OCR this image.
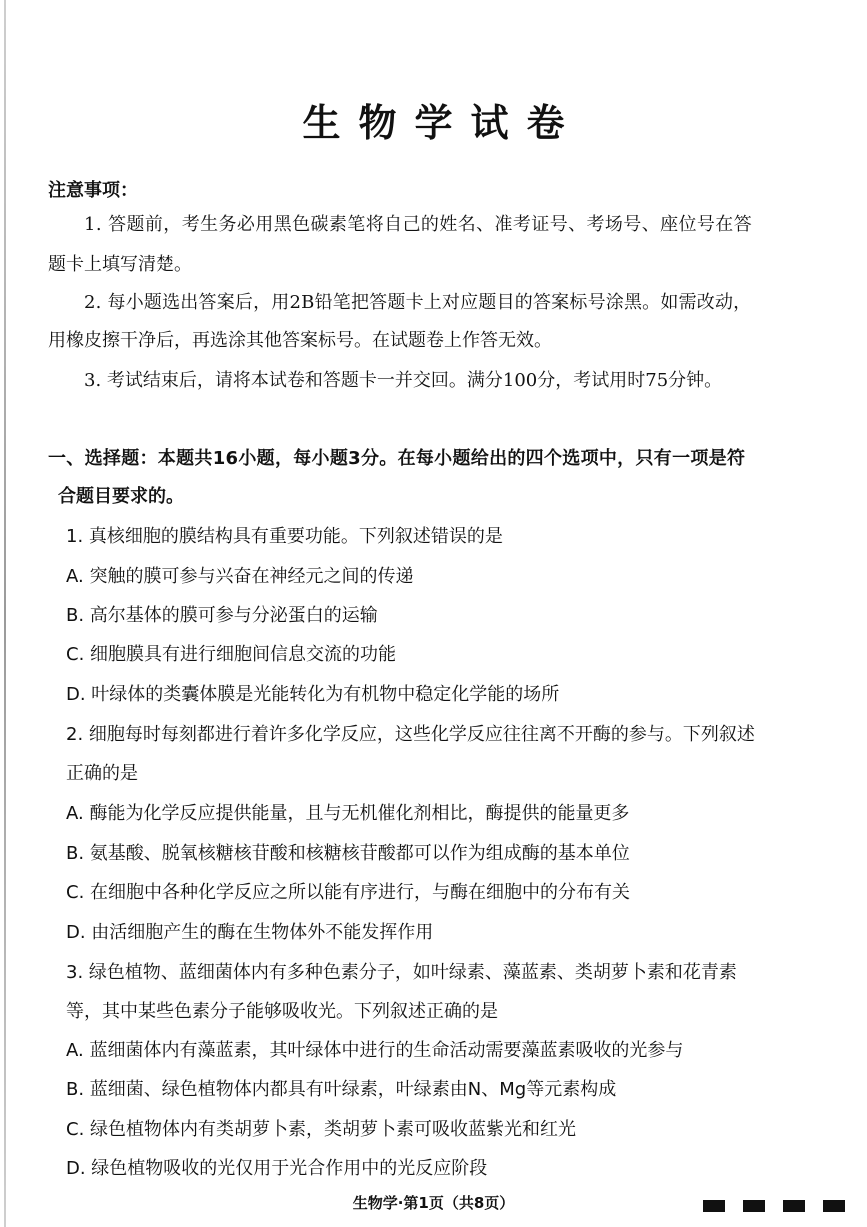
生物学试卷
注意事项：
1. 答题前，考生务必用黑色碳素笔将自己的姓名、准考证号、考场号、座位号在答
题卡上填写清楚。
2. 每小题选出答案后，用2B铅笔把答题卡上对应题目的答案标号涂黑。如需改动，
用橡皮擦干净后，再选涂其他答案标号。在试题卷上作答无效。
3. 考试结束后，请将本试卷和答题卡一并交回。满分100分，考试用时75分钟。
一、选择题：本题共16小题，每小题3分。在每小题给出的四个选项中，只有一项是符
合题目要求的。
1. 真核细胞的膜结构具有重要功能。下列叙述错误的是
A. 突触的膜可参与兴奋在神经元之间的传递
B. 高尔基体的膜可参与分泌蛋白的运输
C. 细胞膜具有进行细胞间信息交流的功能
D. 叶绿体的类囊体膜是光能转化为有机物中稳定化学能的场所
2. 细胞每时每刻都进行着许多化学反应，这些化学反应往往离不开酶的参与。下列叙述
正确的是
A. 酶能为化学反应提供能量，且与无机催化剂相比，酶提供的能量更多
B. 氨基酸、脱氧核糖核苷酸和核糖核苷酸都可以作为组成酶的基本单位
C. 在细胞中各种化学反应之所以能有序进行，与酶在细胞中的分布有关
D. 由活细胞产生的酶在生物体外不能发挥作用
3. 绿色植物、蓝细菌体内有多种色素分子，如叶绿素、藻蓝素、类胡萝卜素和花青素
等，其中某些色素分子能够吸收光。下列叙述正确的是
A. 蓝细菌体内有藻蓝素，其叶绿体中进行的生命活动需要藻蓝素吸收的光参与
B. 蓝细菌、绿色植物体内都具有叶绿素，叶绿素由N、Mg等元素构成
C. 绿色植物体内有类胡萝卜素，类胡萝卜素可吸收蓝紫光和红光
D. 绿色植物吸收的光仅用于光合作用中的光反应阶段
生物学·第1页（共8页）
